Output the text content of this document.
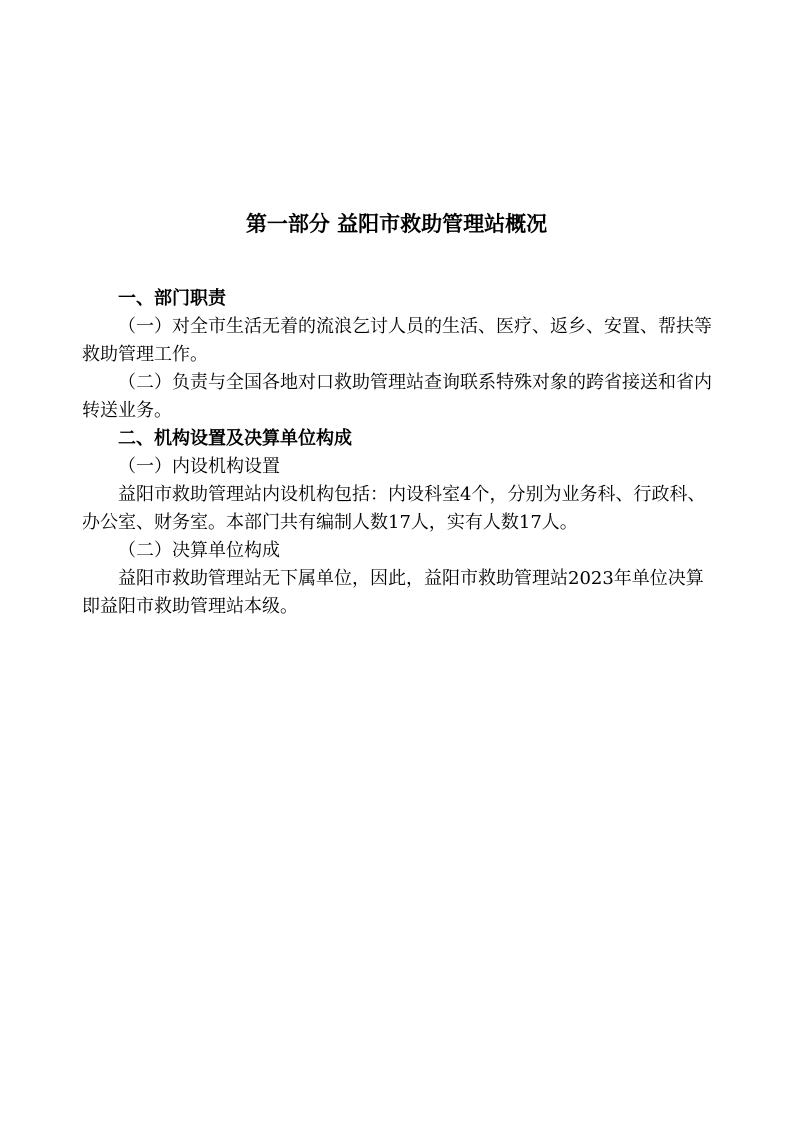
第一部分 益阳市救助管理站概况

一、部门职责

（一）对全市生活无着的流浪乞讨人员的生活、医疗、返乡、安置、帮扶等救助管理工作。

（二）负责与全国各地对口救助管理站查询联系特殊对象的跨省接送和省内转送业务。

二、机构设置及决算单位构成

（一）内设机构设置

益阳市救助管理站内设机构包括：内设科室4个，分别为业务科、行政科、办公室、财务室。本部门共有编制人数17人，实有人数17人。

（二）决算单位构成

益阳市救助管理站无下属单位，因此，益阳市救助管理站2023年单位决算即益阳市救助管理站本级。
